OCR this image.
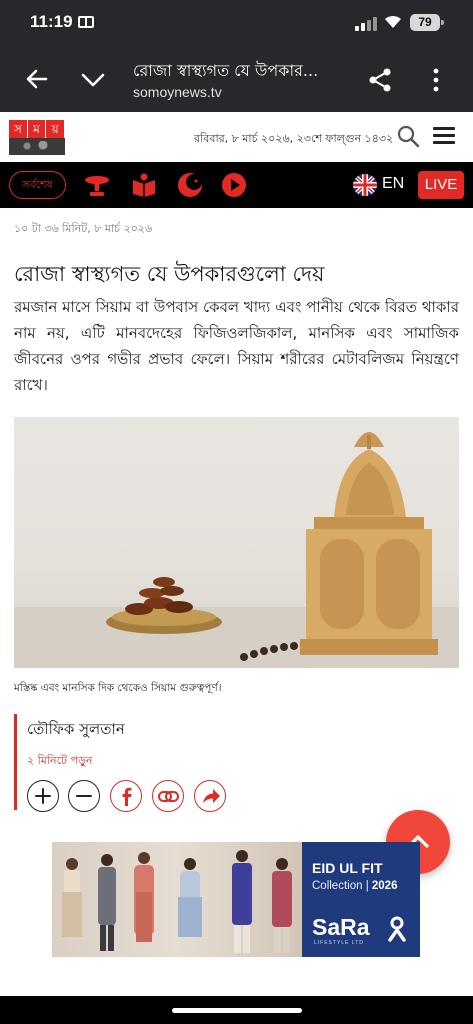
11:19	79
রোজা স্বাস্থ্যগত যে উপকার...
somoynews.tv
স ম য়
রবিবার, ৮ মার্চ ২০২৬, ২৩শে ফাল্গুন ১৪৩২
সর্বশেষ	EN	LIVE
১০ টা ৩৬ মিনিট, ৮ মার্চ ২০২৬
রোজা স্বাস্থ্যগত যে উপকারগুলো দেয়

রমজান মাসে সিয়াম বা উপবাস কেবল খাদ্য এবং পানীয় থেকে বিরত থাকার নাম নয়, এটি মানবদেহের ফিজিওলজিকাল, মানসিক এবং সামাজিক জীবনের ওপর গভীর প্রভাব ফেলে। সিয়াম শরীরের মেটাবলিজম নিয়ন্ত্রণে রাখে।

মস্তিষ্ক এবং মানসিক দিক থেকেও সিয়াম গুরুত্বপূর্ণ।
তৌফিক সুলতান
২ মিনিটে পড়ুন
EID UL FIT
Collection | 2026
SaRa
LIFESTYLE LTD
